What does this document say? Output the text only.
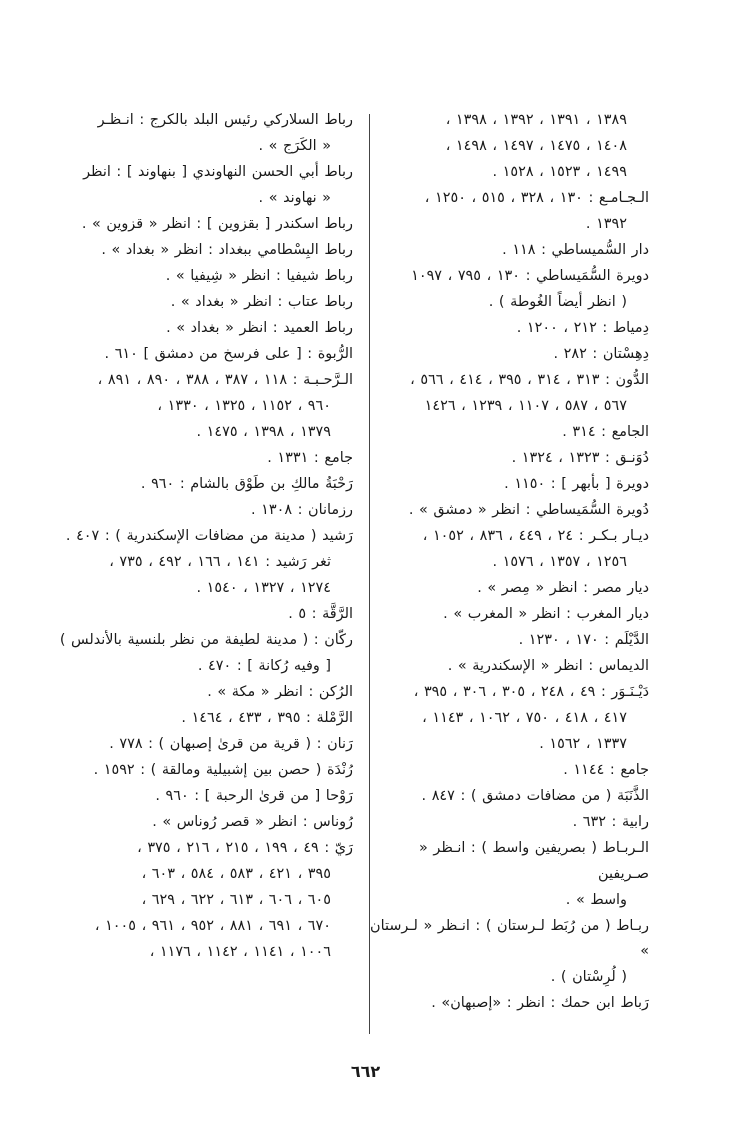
١٣٨٩ ، ١٣٩١ ، ١٣٩٢ ، ١٣٩٨ ،
١٤٠٨ ، ١٤٧٥ ، ١٤٩٧ ، ١٤٩٨ ،
١٤٩٩ ، ١٥٢٣ ، ١٥٢٨ .
الـجـامـع : ١٣٠ ، ٣٢٨ ، ٥١٥ ، ١٢٥٠ ،
١٣٩٢ .
دار السُّميساطي : ١١٨ .
دويرة السُّمَيساطي : ١٣٠ ، ٧٩٥ ، ١٠٩٧
( انظر أيضاً الغُوطة ) .
دِمياط : ٢١٢ ، ١٢٠٠ .
دِهِسْتان : ٢٨٢ .
الدُّون : ٣١٣ ، ٣١٤ ، ٣٩٥ ، ٤١٤ ، ٥٦٦ ،
٥٦٧ ، ٥٨٧ ، ١١٠٧ ، ١٢٣٩ ، ١٤٢٦
الجامع : ٣١٤ .
دُوَنـق : ١٣٢٣ ، ١٣٢٤ .
دويرة [ بأبهر ] : ١١٥٠ .
دُويرة السُّمَيساطي : انظر « دمشق » .
ديـار بـكـر : ٢٤ ، ٤٤٩ ، ٨٣٦ ، ١٠٥٢ ،
١٢٥٦ ، ١٣٥٧ ، ١٥٧٦ .
ديار مصر : انظر « مِصر » .
ديار المغرب : انظر « المغرب » .
الدَّيْلَم : ١٧٠ ، ١٢٣٠ .
الديماس : انظر « الإسكندرية » .
دَيْـنَـوَر : ٤٩ ، ٢٤٨ ، ٣٠٥ ، ٣٠٦ ، ٣٩٥ ،
٤١٧ ، ٤١٨ ، ٧٥٠ ، ١٠٦٢ ، ١١٤٣ ،
١٣٣٧ ، ١٥٦٢ .
جامع : ١١٤٤ .
الذَّنَبَة ( من مضافات دمشق ) : ٨٤٧ .
رابية : ٦٣٢ .
الـربـاط ( بصريفين واسط ) : انـظر « صـريفين
واسط » .
ربـاط ( من رُبَط لـرستان ) : انـظر « لـرستان »
( لُرِسْتان ) .
رَباط ابن حمك : انظر : «إصبهان» .
رباط السلاركي رئيس البلد بالكرج : انـظـر
« الكَرَج » .
رباط أبي الحسن النهاوندي [ بنهاوند ] : انظر
« نهاوند » .
رباط اسكندر [ بقزوين ] : انظر « قزوين » .
رباط البِسْطامي ببغداد : انظر « بغداد » .
رباط شيفيا : انظر « شِيفيا » .
رباط عتاب : انظر « بغداد » .
رباط العميد : انظر « بغداد » .
الرُّبوة : [ على فرسخ من دمشق ] ٦١٠ .
الـرَّحـبـة : ١١٨ ، ٣٨٧ ، ٣٨٨ ، ٨٩٠ ، ٨٩١ ،
٩٦٠ ، ١١٥٢ ، ١٣٢٥ ، ١٣٣٠ ،
١٣٧٩ ، ١٣٩٨ ، ١٤٧٥ .
جامع : ١٣٣١ .
رَحْبَةُ مالكِ بن طَوْق بالشام : ٩٦٠ .
رزمانان : ١٣٠٨ .
رَشيد ( مدينة من مضافات الإسكندرية ) : ٤٠٧ .
ثغر رَشيد : ١٤١ ، ١٦٦ ، ٤٩٢ ، ٧٣٥ ،
١٢٧٤ ، ١٣٢٧ ، ١٥٤٠ .
الرَّقَّة : ٥ .
ركّان : ( مدينة لطيفة من نظر بلنسية بالأندلس )
[ وفيه رُكانة ] : ٤٧٠ .
الرُكن : انظر « مكة » .
الرَّمْلة : ٣٩٥ ، ٤٣٣ ، ١٤٦٤ .
رَنان : ( قرية من قرىٰ إصبهان ) : ٧٧٨ .
رُنْدَة ( حصن بين إشبيلية ومالقة ) : ١٥٩٢ .
رَوْحا [ من قرىٰ الرحبة ] : ٩٦٠ .
رُوناس : انظر « قصر رُوناس » .
رَيّ : ٤٩ ، ١٩٩ ، ٢١٥ ، ٢١٦ ، ٣٧٥ ،
٣٩٥ ، ٤٢١ ، ٥٨٣ ، ٥٨٤ ، ٦٠٣ ،
٦٠٥ ، ٦٠٦ ، ٦١٣ ، ٦٢٢ ، ٦٢٩ ،
٦٧٠ ، ٦٩١ ، ٨٨١ ، ٩٥٢ ، ٩٦١ ، ١٠٠٥ ،
١٠٠٦ ، ١١٤١ ، ١١٤٢ ، ١١٧٦ ،
٦٦٢
